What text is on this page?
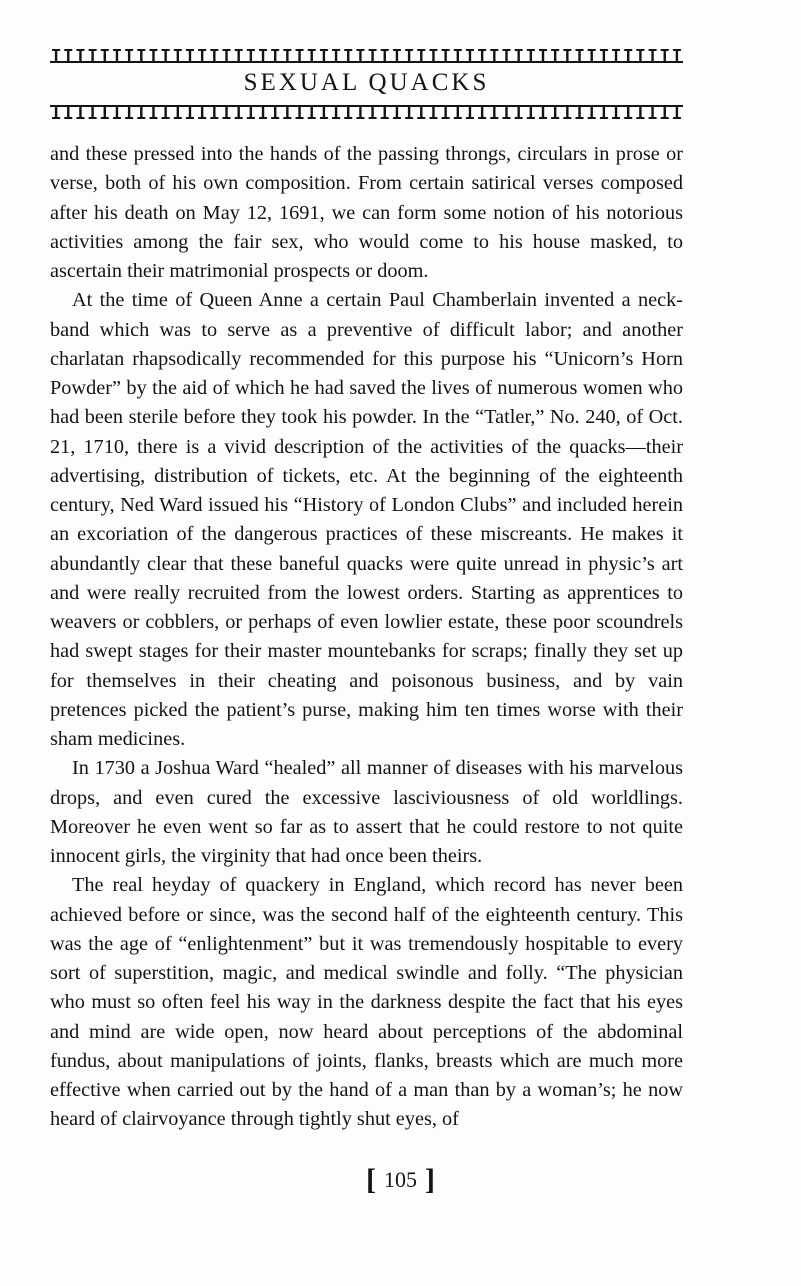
SEXUAL QUACKS

and these pressed into the hands of the passing throngs, circulars in prose or verse, both of his own composition. From certain satirical verses composed after his death on May 12, 1691, we can form some notion of his notorious activities among the fair sex, who would come to his house masked, to ascertain their matrimonial prospects or doom.

At the time of Queen Anne a certain Paul Chamberlain invented a neck-band which was to serve as a preventive of difficult labor; and another charlatan rhapsodically recommended for this purpose his “Unicorn’s Horn Powder” by the aid of which he had saved the lives of numerous women who had been sterile before they took his powder. In the “Tatler,” No. 240, of Oct. 21, 1710, there is a vivid description of the activities of the quacks—their advertising, distribution of tickets, etc. At the beginning of the eighteenth century, Ned Ward issued his “History of London Clubs” and included herein an excoriation of the dangerous practices of these miscreants. He makes it abundantly clear that these baneful quacks were quite unread in physic’s art and were really recruited from the lowest orders. Starting as apprentices to weavers or cobblers, or perhaps of even lowlier estate, these poor scoundrels had swept stages for their master mountebanks for scraps; finally they set up for themselves in their cheating and poisonous business, and by vain pretences picked the patient’s purse, making him ten times worse with their sham medicines.

In 1730 a Joshua Ward “healed” all manner of diseases with his marvelous drops, and even cured the excessive lasciviousness of old worldlings. Moreover he even went so far as to assert that he could restore to not quite innocent girls, the virginity that had once been theirs.

The real heyday of quackery in England, which record has never been achieved before or since, was the second half of the eighteenth century. This was the age of “enlightenment” but it was tremendously hospitable to every sort of superstition, magic, and medical swindle and folly. “The physician who must so often feel his way in the darkness despite the fact that his eyes and mind are wide open, now heard about perceptions of the abdominal fundus, about manipulations of joints, flanks, breasts which are much more effective when carried out by the hand of a man than by a woman’s; he now heard of clairvoyance through tightly shut eyes, of

[ 105 ]
